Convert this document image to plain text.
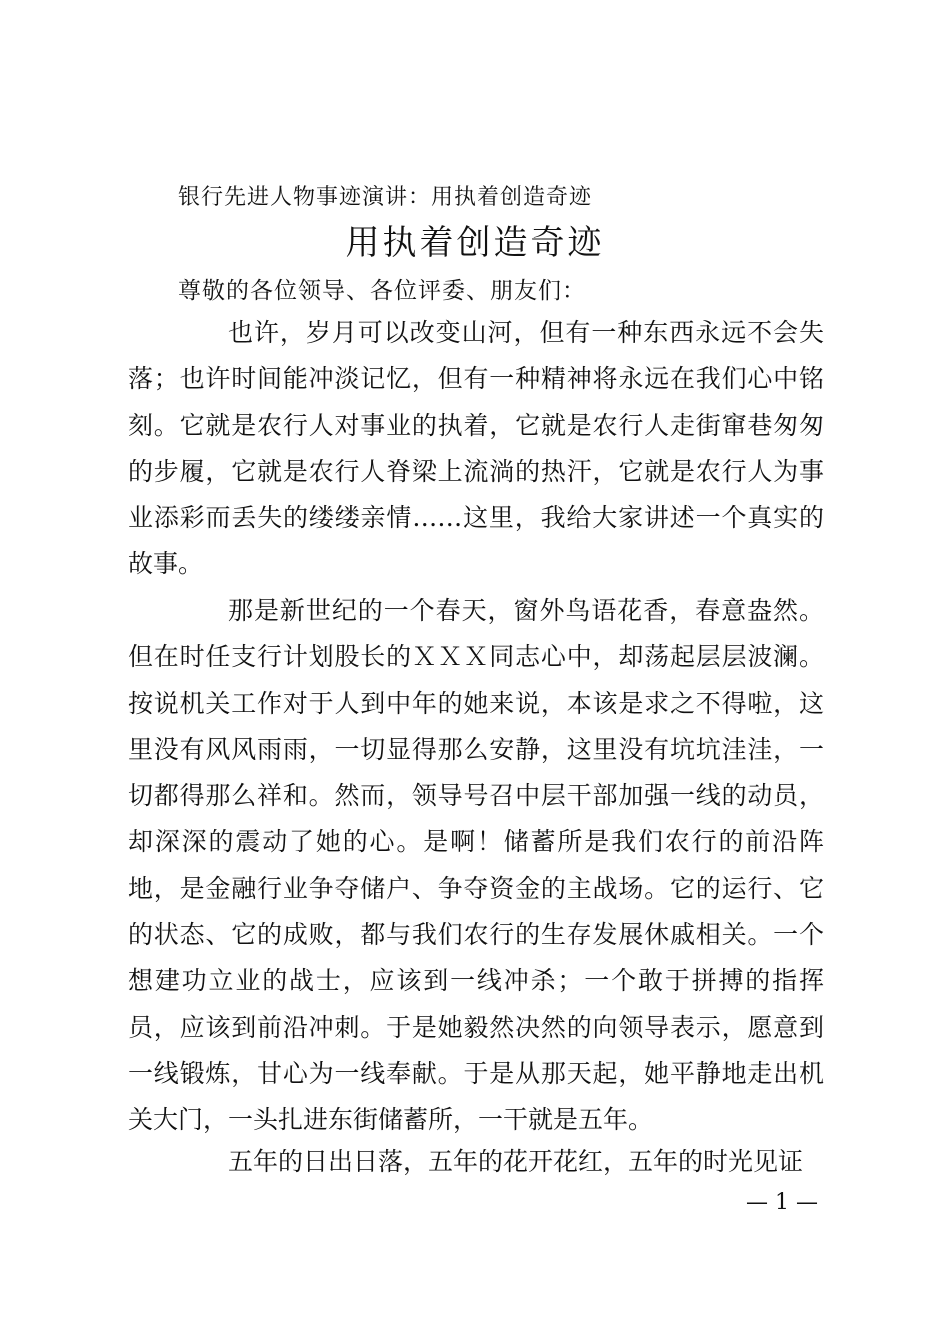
银行先进人物事迹演讲：用执着创造奇迹
用执着创造奇迹
尊敬的各位领导、各位评委、朋友们：

也许，岁月可以改变山河，但有一种东西永远不会失落；也许时间能冲淡记忆，但有一种精神将永远在我们心中铭刻。它就是农行人对事业的执着，它就是农行人走街窜巷匆匆的步履，它就是农行人脊梁上流淌的热汗，它就是农行人为事业添彩而丢失的缕缕亲情……这里，我给大家讲述一个真实的故事。

那是新世纪的一个春天，窗外鸟语花香，春意盎然。但在时任支行计划股长的ＸＸＸ同志心中，却荡起层层波澜。按说机关工作对于人到中年的她来说，本该是求之不得啦，这里没有风风雨雨，一切显得那么安静，这里没有坑坑洼洼，一切都得那么祥和。然而，领导号召中层干部加强一线的动员，却深深的震动了她的心。是啊！储蓄所是我们农行的前沿阵地，是金融行业争夺储户、争夺资金的主战场。它的运行、它的状态、它的成败，都与我们农行的生存发展休戚相关。一个想建功立业的战士，应该到一线冲杀；一个敢于拼搏的指挥员，应该到前沿冲刺。于是她毅然决然的向领导表示，愿意到一线锻炼，甘心为一线奉献。于是从那天起，她平静地走出机关大门，一头扎进东街储蓄所，一干就是五年。

五年的日出日落，五年的花开花红，五年的时光见证

— 1 —
